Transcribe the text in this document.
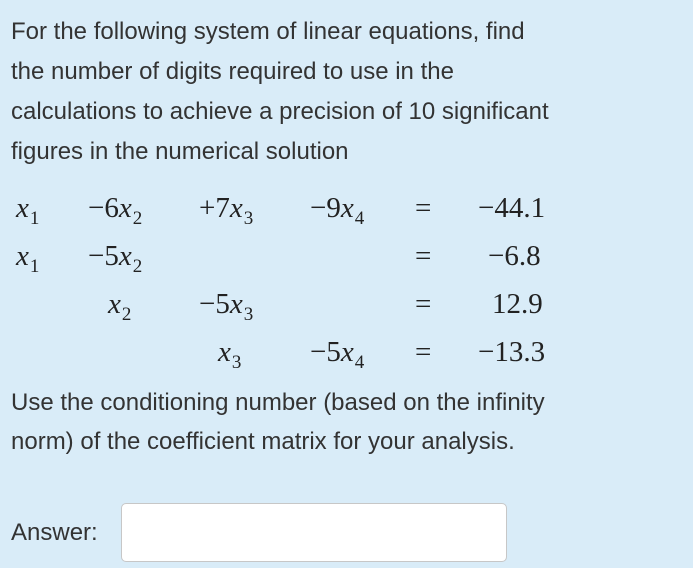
For the following system of linear equations, find

the number of digits required to use in the

calculations to achieve a precision of 10 significant

figures in the numerical solution

$x_1 -6x_2 +7x_3 -9x_4 = -44.1$
$x_1 -5x_2$	= −6.8
$x_2 -5x_3$	= 12.9
$x_3 -5x_4 = -13.3$
Use the conditioning number (based on the infinity
norm) of the coefficient matrix for your analysis.
Answer:
